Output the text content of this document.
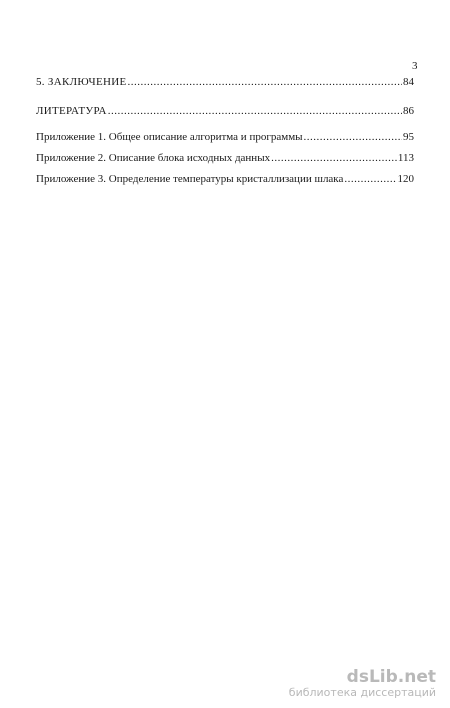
3
5. ЗАКЛЮЧЕНИЕ .....	84
ЛИТЕРАТУРА .....	86
Приложение 1. Общее описание алгоритма и программы .....	95
Приложение 2. Описание блока исходных данных .....	113
Приложение 3. Определение температуры кристаллизации шлака .....	120
dsLib.net
библиотека диссертаций
